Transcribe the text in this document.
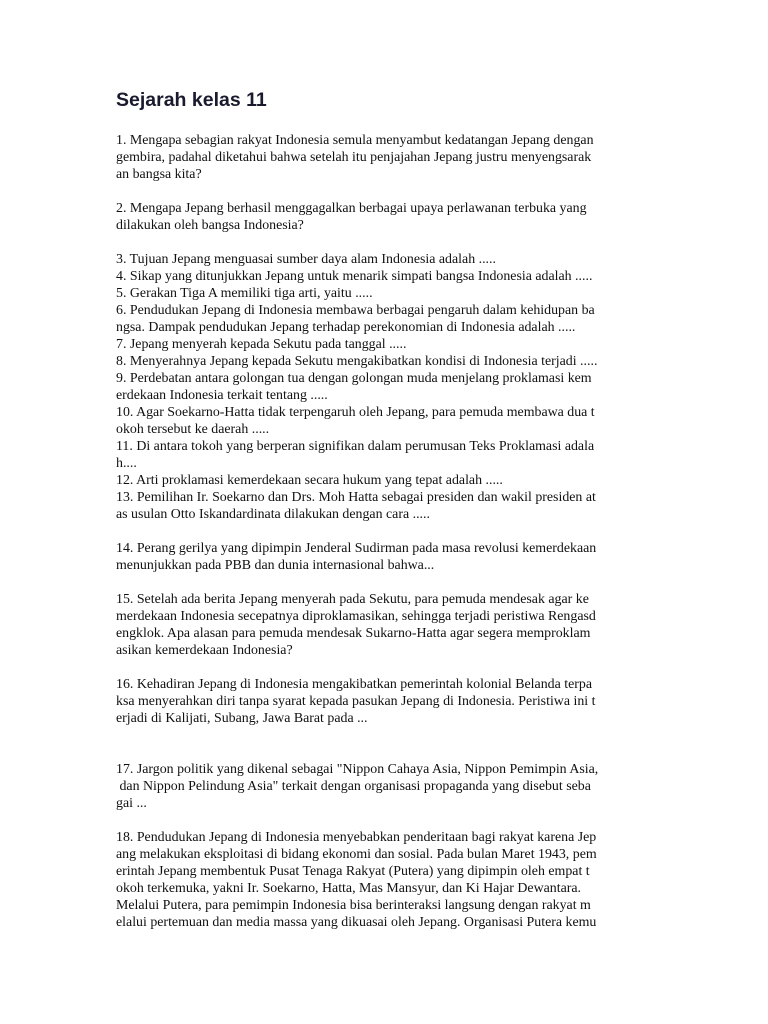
Sejarah kelas 11
1. Mengapa sebagian rakyat Indonesia semula menyambut kedatangan Jepang dengan
gembira, padahal diketahui bahwa setelah itu penjajahan Jepang justru menyengsarak
an bangsa kita?
2. Mengapa Jepang berhasil menggagalkan berbagai upaya perlawanan terbuka yang
dilakukan oleh bangsa Indonesia?
3. Tujuan Jepang menguasai sumber daya alam Indonesia adalah .....
4. Sikap yang ditunjukkan Jepang untuk menarik simpati bangsa Indonesia adalah .....
5. Gerakan Tiga A memiliki tiga arti, yaitu .....
6. Pendudukan Jepang di Indonesia membawa berbagai pengaruh dalam kehidupan ba
ngsa. Dampak pendudukan Jepang terhadap perekonomian di Indonesia adalah .....
7. Jepang menyerah kepada Sekutu pada tanggal .....
8. Menyerahnya Jepang kepada Sekutu mengakibatkan kondisi di Indonesia terjadi .....
9. Perdebatan antara golongan tua dengan golongan muda menjelang proklamasi kem
erdekaan Indonesia terkait tentang .....
10. Agar Soekarno-Hatta tidak terpengaruh oleh Jepang, para pemuda membawa dua t
okoh tersebut ke daerah .....
11. Di antara tokoh yang berperan signifikan dalam perumusan Teks Proklamasi adala
h....
12. Arti proklamasi kemerdekaan secara hukum yang tepat adalah .....
13. Pemilihan Ir. Soekarno dan Drs. Moh Hatta sebagai presiden dan wakil presiden at
as usulan Otto Iskandardinata dilakukan dengan cara .....
14. Perang gerilya yang dipimpin Jenderal Sudirman pada masa revolusi kemerdekaan
menunjukkan pada PBB dan dunia internasional bahwa...
15. Setelah ada berita Jepang menyerah pada Sekutu, para pemuda mendesak agar ke
merdekaan Indonesia secepatnya diproklamasikan, sehingga terjadi peristiwa Rengasd
engklok. Apa alasan para pemuda mendesak Sukarno-Hatta agar segera memproklam
asikan kemerdekaan Indonesia?
16. Kehadiran Jepang di Indonesia mengakibatkan pemerintah kolonial Belanda terpa
ksa menyerahkan diri tanpa syarat kepada pasukan Jepang di Indonesia. Peristiwa ini t
erjadi di Kalijati, Subang, Jawa Barat pada ...
17. Jargon politik yang dikenal sebagai "Nippon Cahaya Asia, Nippon Pemimpin Asia,
dan Nippon Pelindung Asia" terkait dengan organisasi propaganda yang disebut seba
gai ...
18. Pendudukan Jepang di Indonesia menyebabkan penderitaan bagi rakyat karena Jep
ang melakukan eksploitasi di bidang ekonomi dan sosial. Pada bulan Maret 1943, pem
erintah Jepang membentuk Pusat Tenaga Rakyat (Putera) yang dipimpin oleh empat t
okoh terkemuka, yakni Ir. Soekarno, Hatta, Mas Mansyur, dan Ki Hajar Dewantara.
Melalui Putera, para pemimpin Indonesia bisa berinteraksi langsung dengan rakyat m
elalui pertemuan dan media massa yang dikuasai oleh Jepang. Organisasi Putera kemu
